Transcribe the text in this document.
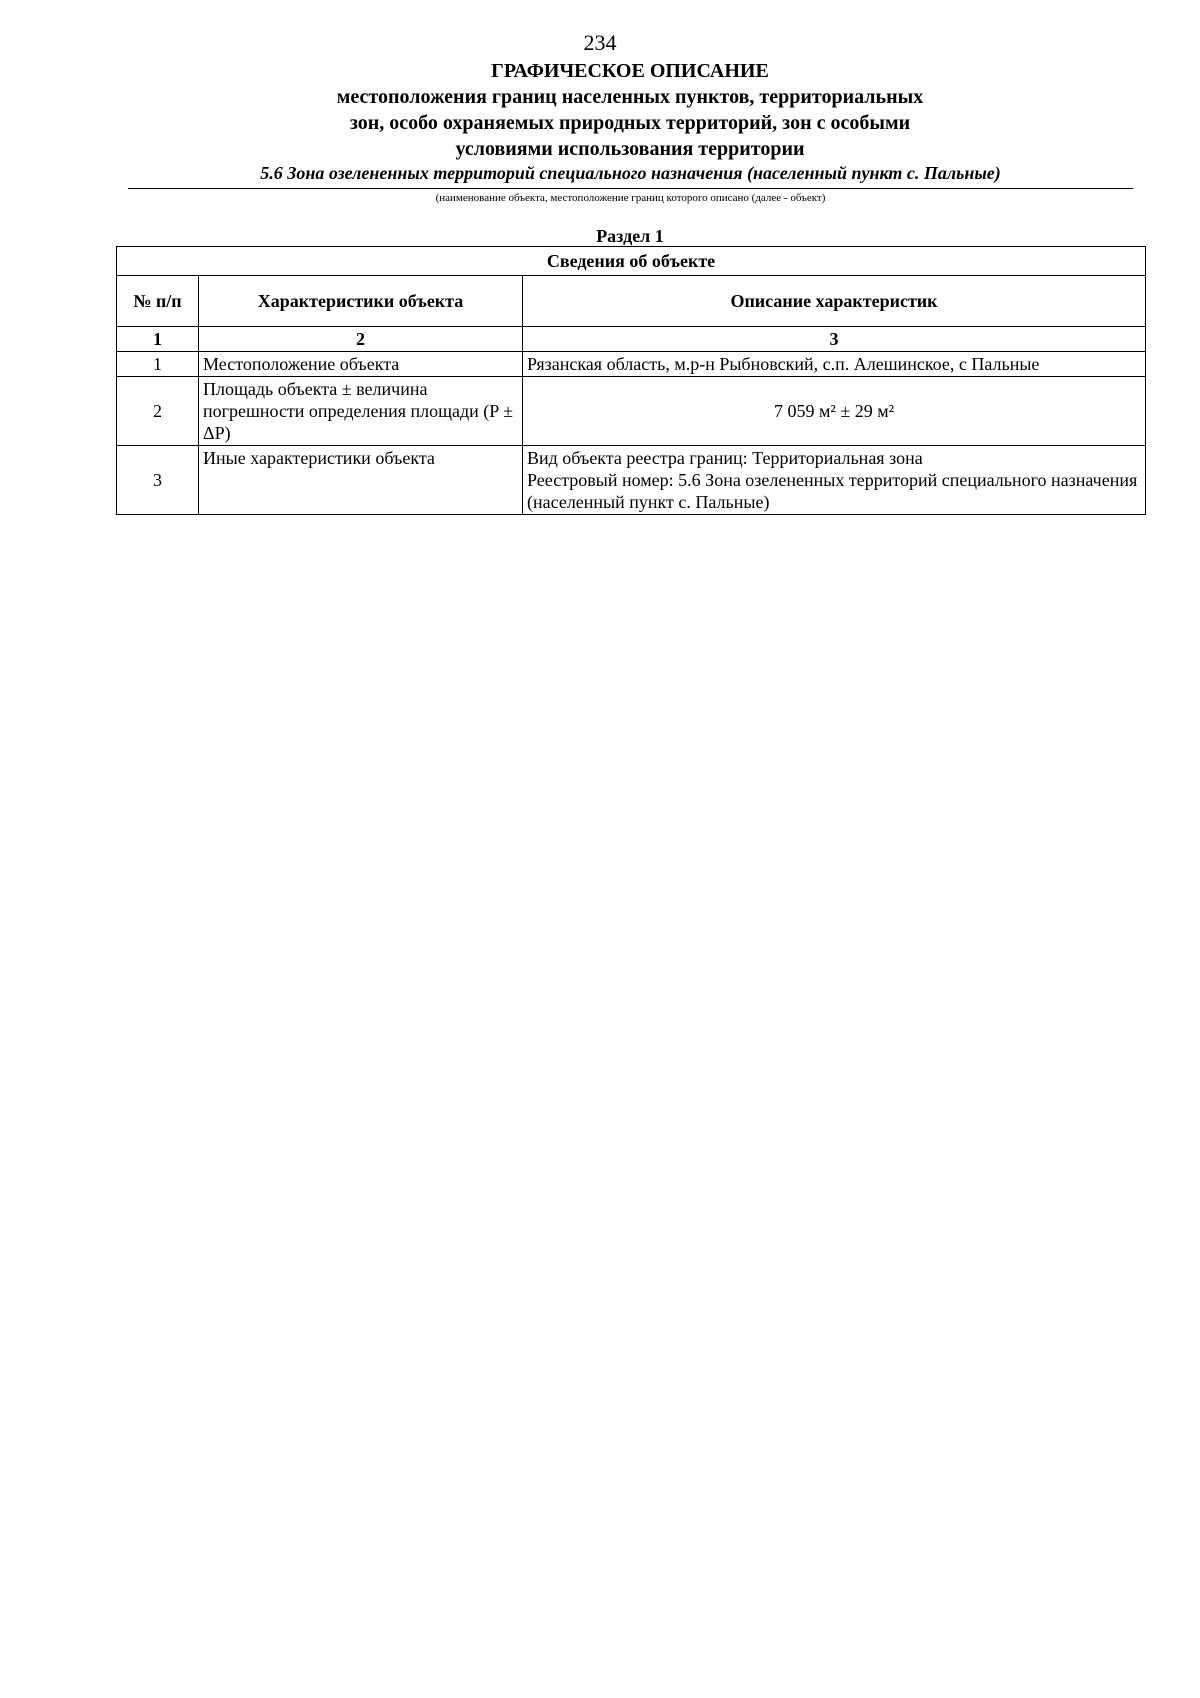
234
ГРАФИЧЕСКОЕ ОПИСАНИЕ
местоположения границ населенных пунктов, территориальных
зон, особо охраняемых природных территорий, зон с особыми
условиями использования территории
5.6 Зона озелененных территорий специального назначения (населенный пункт с. Пальные)
(наименование объекта, местоположение границ которого описано (далее - объект)
Раздел 1
Сведения об объекте		
№ п/п	Характеристики объекта	Описание характеристик
1	2	3
1	Местоположение объекта	Рязанская область, м.р-н Рыбновский, с.п. Алешинское, с Пальные
2	Площадь объекта ± величина погрешности определения площади (P ± ΔP)	7 059 м² ± 29 м²
3	Иные характеристики объекта	Вид объекта реестра границ: Территориальная зона
Реестровый номер: 5.6 Зона озелененных территорий специального назначения (населенный пункт с. Пальные)
